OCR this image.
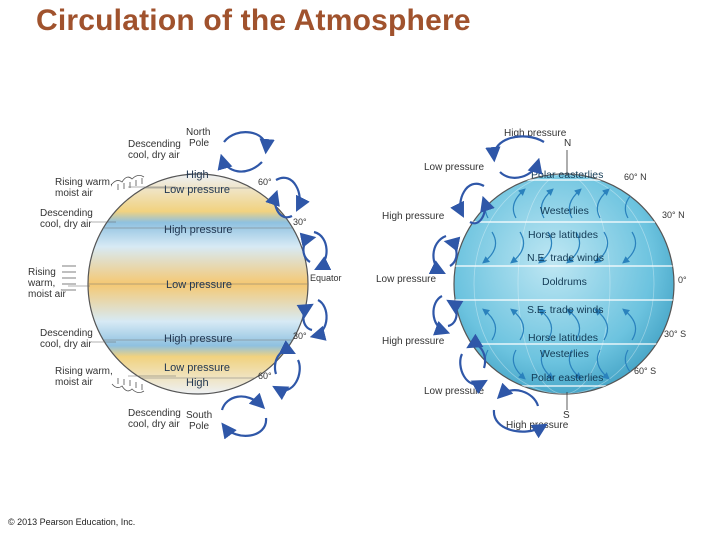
Circulation of the Atmosphere
High
Low pressure
High pressure
Low pressure
High pressure
Low pressure
High
60°
30°
Equator
30°
60°
North Pole
South Pole
Descending cool, dry air
Rising warm, moist air
Descending cool, dry air
Rising warm, moist air
Descending cool, dry air
Rising warm, moist air
Descending cool, dry air
Polar easterlies
Westerlies
Horse latitudes
N.E. trade winds
Doldrums
S.E. trade winds
Horse latitudes
Westerlies
Polar easterlies
60° N
30° N
0°
30° S
60° S
High pressure
N
S
High pressure
Low pressure
High pressure
Low pressure
High pressure
Low pressure
© 2013 Pearson Education, Inc.
